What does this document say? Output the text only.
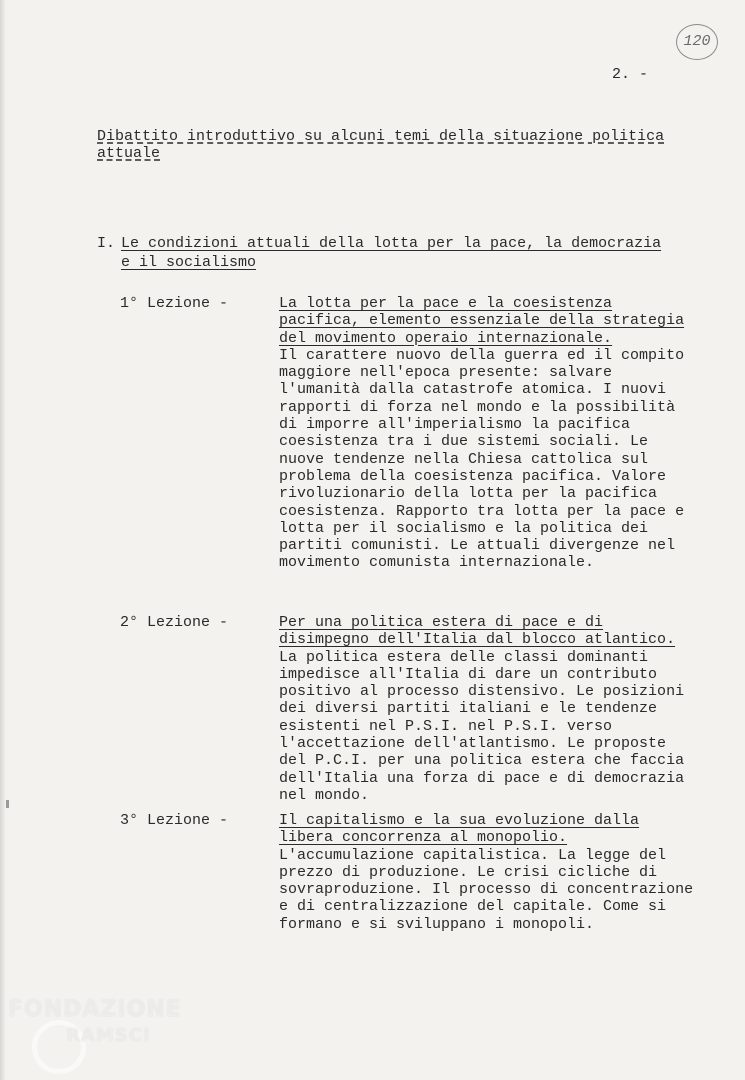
120
2. -
Dibattito introduttivo su alcuni temi della situazione politica attuale
I. Le condizioni attuali della lotta per la pace, la democrazia e il socialismo
1° Lezione -	La lotta per la pace e la coesistenza pacifica, elemento essenziale della strategia del movimento operaio internazionale.
Il carattere nuovo della guerra ed il compito maggiore nell'epoca presente: salvare l'umanità dalla catastrofe atomica. I nuovi rapporti di forza nel mondo e la possibilità di imporre all'imperialismo la pacifica coesistenza tra i due sistemi sociali. Le nuove tendenze nella Chiesa cattolica sul problema della coesistenza pacifica. Valore rivoluzionario della lotta per la pacifica coesistenza. Rapporto tra lotta per la pace e lotta per il socialismo e la politica dei partiti comunisti. Le attuali divergenze nel movimento comunista internazionale.
2° Lezione -	Per una politica estera di pace e di disimpegno dell'Italia dal blocco atlantico.
La politica estera delle classi dominanti impedisce all'Italia di dare un contributo positivo al processo distensivo. Le posizioni dei diversi partiti italiani e le tendenze esistenti nel P.S.I. nel P.S.I. verso l'accettazione dell'atlantismo. Le proposte del P.C.I. per una politica estera che faccia dell'Italia una forza di pace e di democrazia nel mondo.
3° Lezione -	Il capitalismo e la sua evoluzione dalla libera concorrenza al monopolio.
L'accumulazione capitalistica. La legge del prezzo di produzione. Le crisi cicliche di sovraproduzione. Il processo di concentrazione e di centralizzazione del capitale. Come si formano e si sviluppano i monopoli.
FONDAZIONE
RAMSCI
